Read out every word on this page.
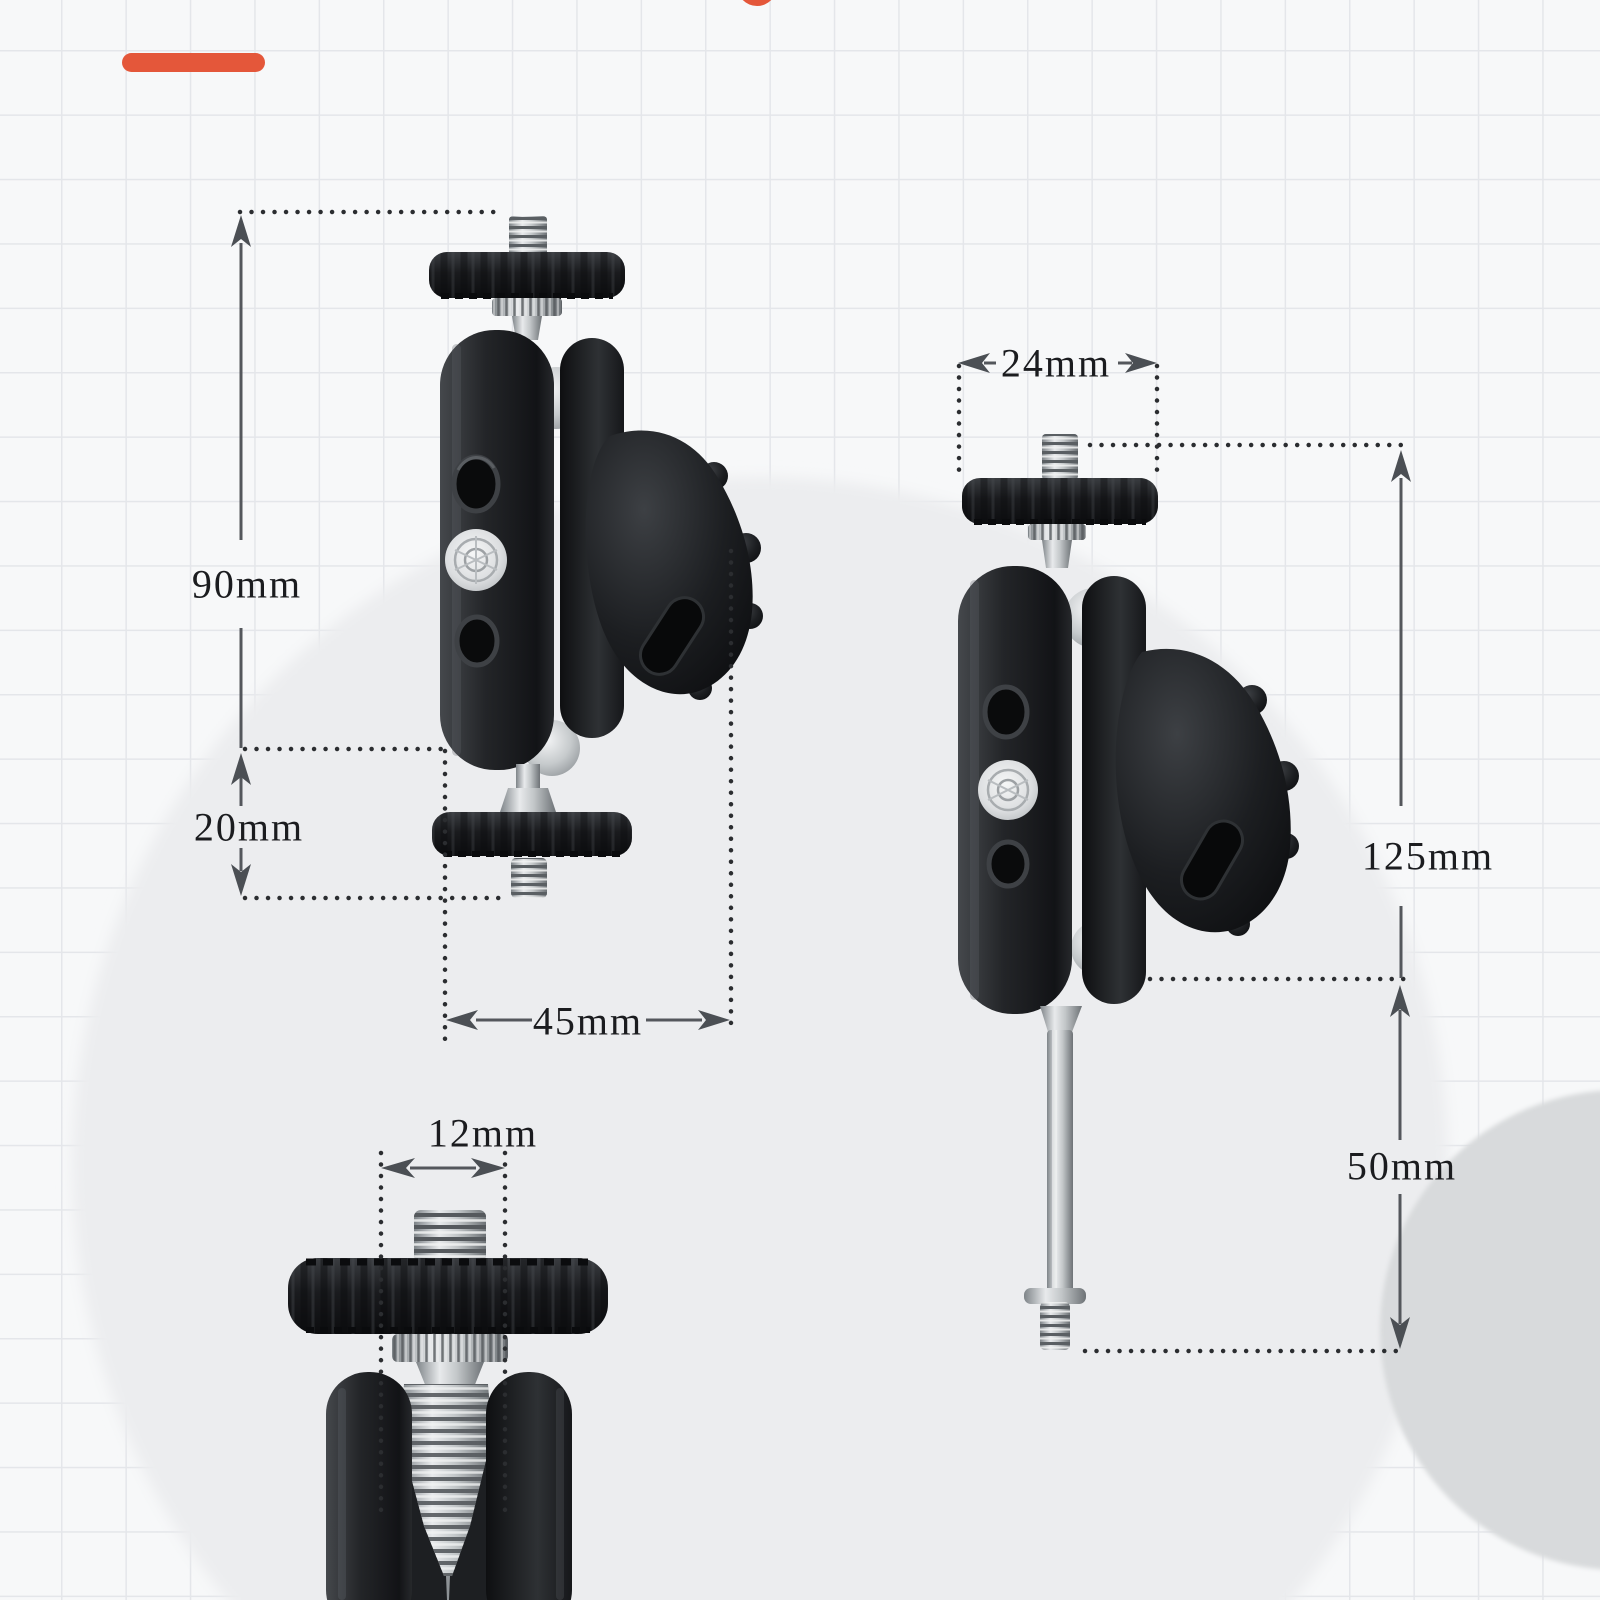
90mm
20mm
45mm
12mm
24mm
125mm
50mm
